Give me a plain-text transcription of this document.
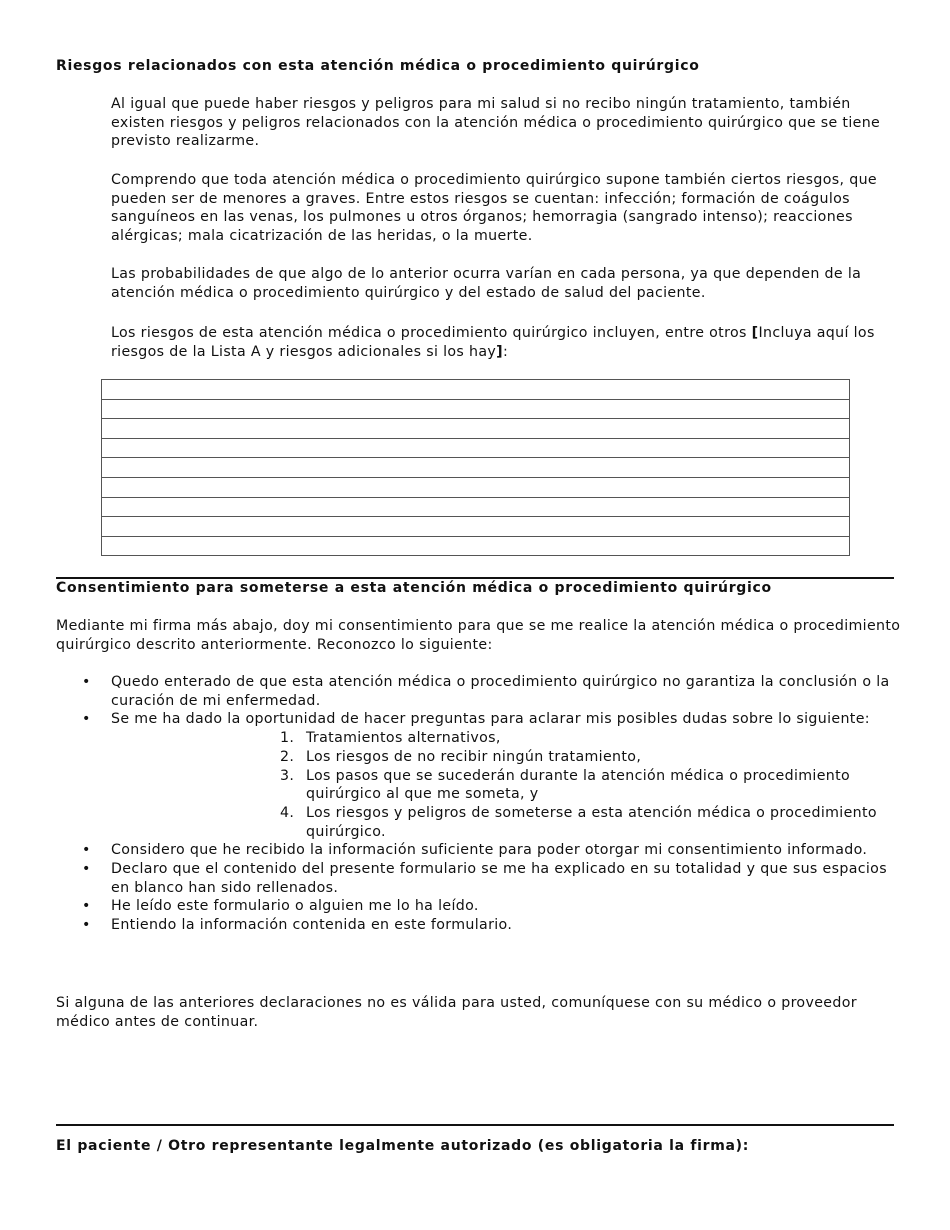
Riesgos relacionados con esta atención médica o procedimiento quirúrgico

Al igual que puede haber riesgos y peligros para mi salud si no recibo ningún tratamiento, también existen riesgos y peligros relacionados con la atención médica o procedimiento quirúrgico que se tiene previsto realizarme.

Comprendo que toda atención médica o procedimiento quirúrgico supone también ciertos riesgos, que pueden ser de menores a graves. Entre estos riesgos se cuentan: infección; formación de coágulos sanguíneos en las venas, los pulmones u otros órganos; hemorragia (sangrado intenso); reacciones alérgicas; mala cicatrización de las heridas, o la muerte.

Las probabilidades de que algo de lo anterior ocurra varían en cada persona, ya que dependen de la atención médica o procedimiento quirúrgico y del estado de salud del paciente.

Los riesgos de esta atención médica o procedimiento quirúrgico incluyen, entre otros [Incluya aquí los riesgos de la Lista A y riesgos adicionales si los hay]:

Consentimiento para someterse a esta atención médica o procedimiento quirúrgico

Mediante mi firma más abajo, doy mi consentimiento para que se me realice la atención médica o procedimiento quirúrgico descrito anteriormente. Reconozco lo siguiente:

• Quedo enterado de que esta atención médica o procedimiento quirúrgico no garantiza la conclusión o la curación de mi enfermedad.
• Se me ha dado la oportunidad de hacer preguntas para aclarar mis posibles dudas sobre lo siguiente:
1. Tratamientos alternativos,
2. Los riesgos de no recibir ningún tratamiento,
3. Los pasos que se sucederán durante la atención médica o procedimiento quirúrgico al que me someta, y
4. Los riesgos y peligros de someterse a esta atención médica o procedimiento quirúrgico.
• Considero que he recibido la información suficiente para poder otorgar mi consentimiento informado.
• Declaro que el contenido del presente formulario se me ha explicado en su totalidad y que sus espacios en blanco han sido rellenados.
• He leído este formulario o alguien me lo ha leído.
• Entiendo la información contenida en este formulario.

Si alguna de las anteriores declaraciones no es válida para usted, comuníquese con su médico o proveedor médico antes de continuar.

El paciente / Otro representante legalmente autorizado (es obligatoria la firma):
